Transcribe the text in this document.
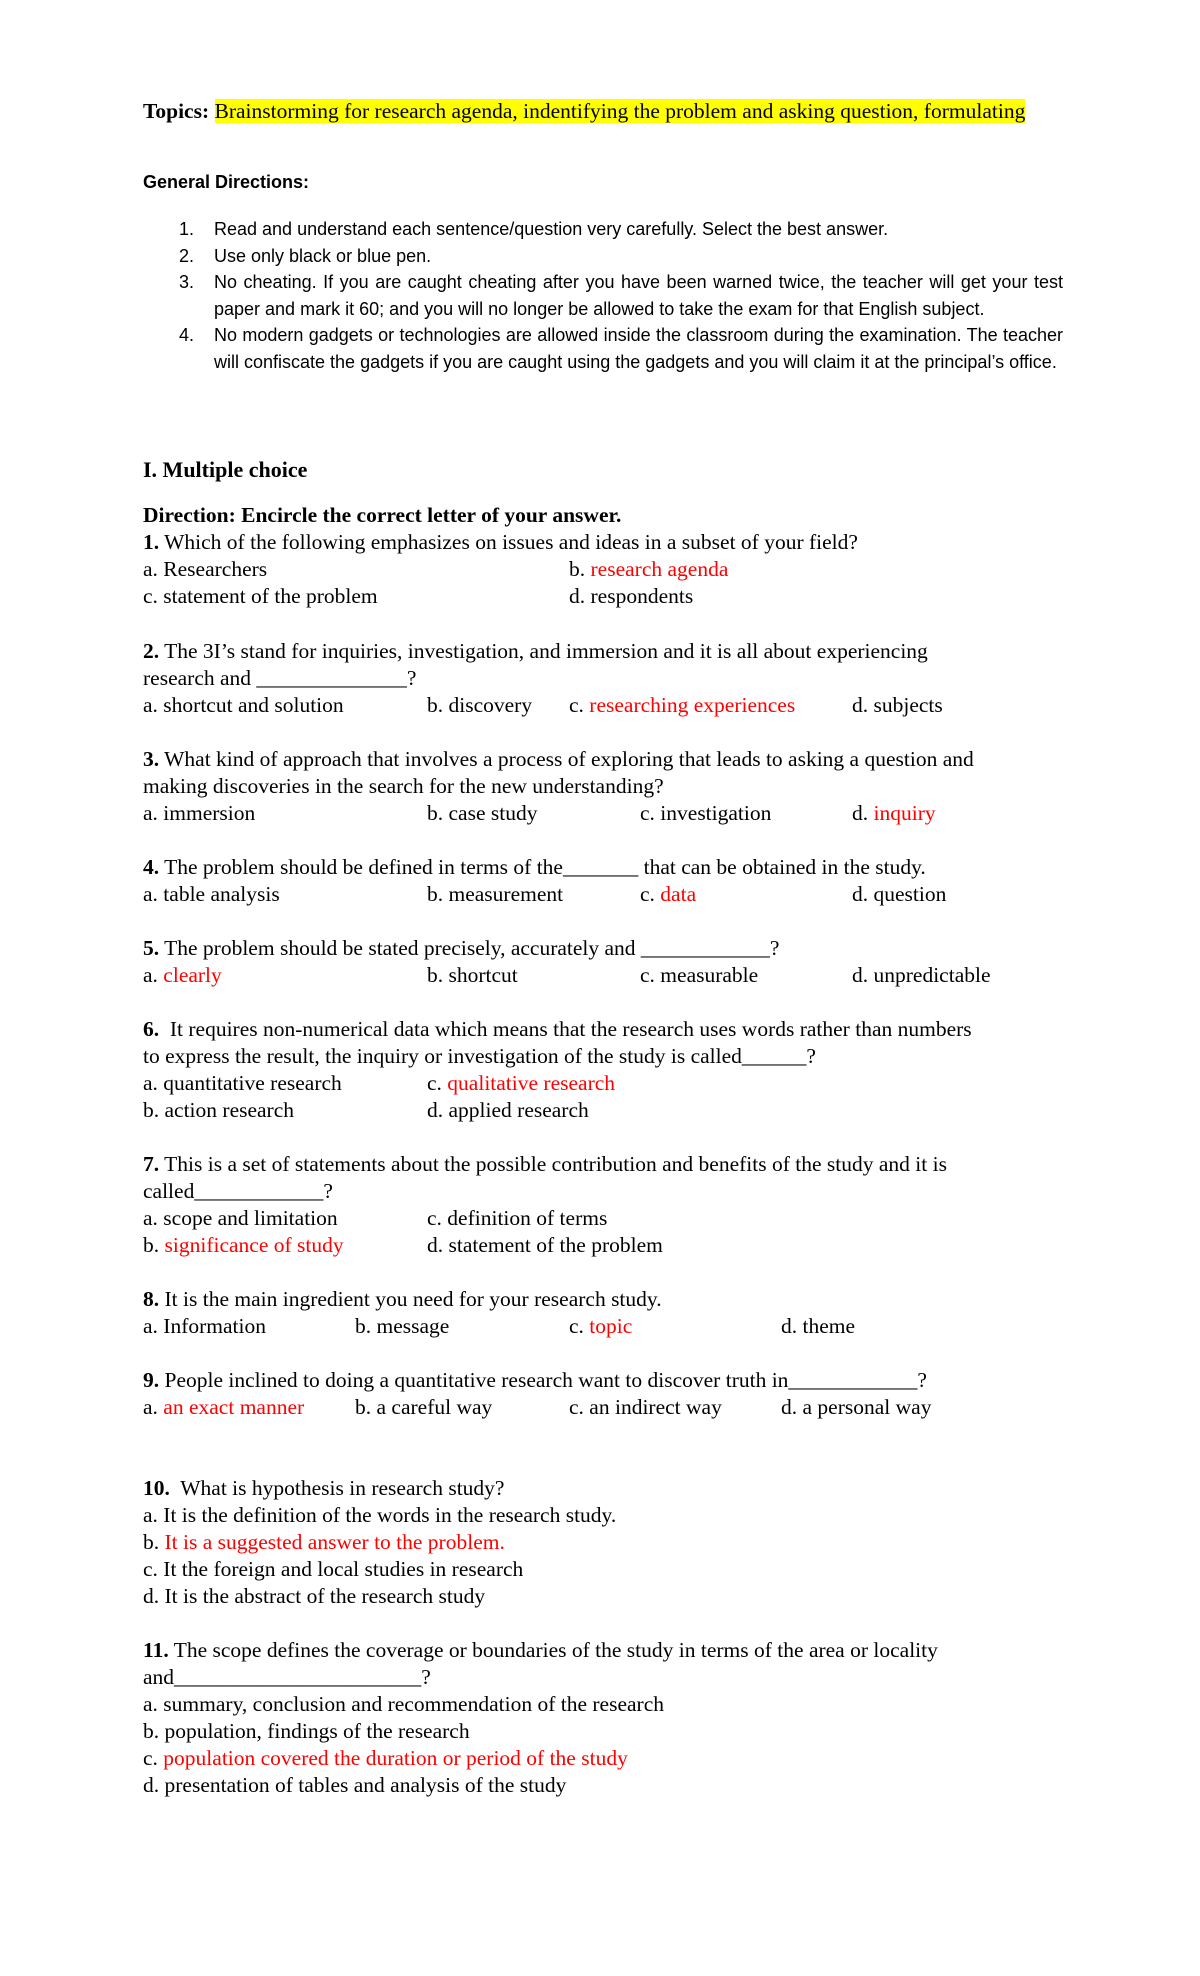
Topics: Brainstorming for research agenda, indentifying the problem and asking question, formulating
General Directions:
1. Read and understand each sentence/question very carefully. Select the best answer.
2. Use only black or blue pen.
3. No cheating. If you are caught cheating after you have been warned twice, the teacher will get your test paper and mark it 60; and you will no longer be allowed to take the exam for that English subject.
4. No modern gadgets or technologies are allowed inside the classroom during the examination. The teacher will confiscate the gadgets if you are caught using the gadgets and you will claim it at the principal’s office.
I. Multiple choice
Direction: Encircle the correct letter of your answer.
1. Which of the following emphasizes on issues and ideas in a subset of your field?
a. Researchers	b. research agenda
c. statement of the problem	d. respondents
2. The 3I’s stand for inquiries, investigation, and immersion and it is all about experiencing
research and ______________?
a. shortcut and solution	b. discovery c. researching experiences	d. subjects
3. What kind of approach that involves a process of exploring that leads to asking a question and
making discoveries in the search for the new understanding?
a. immersion	b. case study	c. investigation	d. inquiry
4. The problem should be defined in terms of the_______ that can be obtained in the study.
a. table analysis	b. measurement	c. data	d. question
5. The problem should be stated precisely, accurately and ____________?
a. clearly	b. shortcut	c. measurable	d. unpredictable
6. It requires non-numerical data which means that the research uses words rather than numbers
to express the result, the inquiry or investigation of the study is called______?
a. quantitative research	c. qualitative research
b. action research	d. applied research
7. This is a set of statements about the possible contribution and benefits of the study and it is
called____________?
a. scope and limitation	c. definition of terms
b. significance of study	d. statement of the problem
8. It is the main ingredient you need for your research study.
a. Information	b. message	c. topic	d. theme
9. People inclined to doing a quantitative research want to discover truth in____________?
a. an exact manner b. a careful way	c. an indirect way	d. a personal way
10. What is hypothesis in research study?
a. It is the definition of the words in the research study.
b. It is a suggested answer to the problem.
c. It the foreign and local studies in research
d. It is the abstract of the research study
11. The scope defines the coverage or boundaries of the study in terms of the area or locality
and_______________________?
a. summary, conclusion and recommendation of the research
b. population, findings of the research
c. population covered the duration or period of the study
d. presentation of tables and analysis of the study
